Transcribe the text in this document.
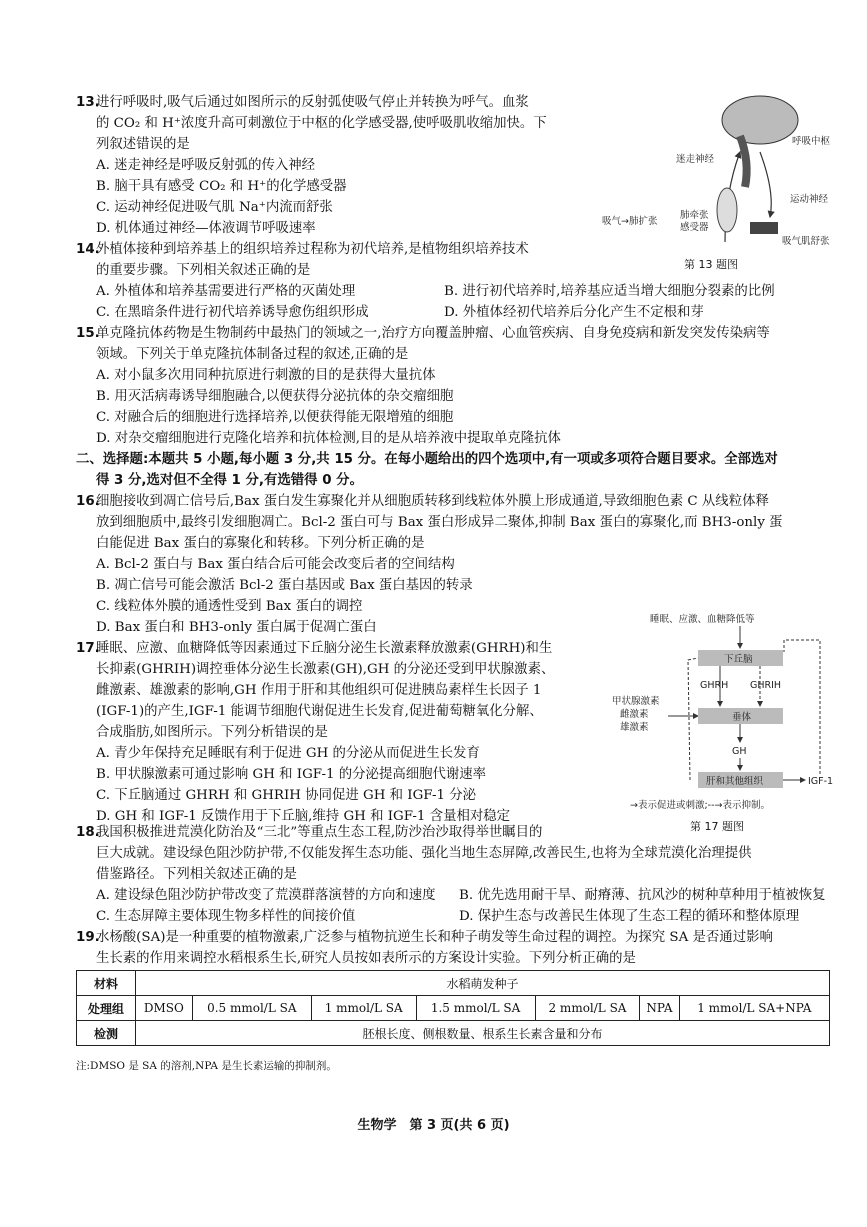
13.
进行呼吸时,吸气后通过如图所示的反射弧使吸气停止并转换为呼气。血浆
的 CO₂ 和 H⁺浓度升高可刺激位于中枢的化学感受器,使呼吸肌收缩加快。下
列叙述错误的是
A. 迷走神经是呼吸反射弧的传入神经
B. 脑干具有感受 CO₂ 和 H⁺的化学感受器
C. 运动神经促进吸气肌 Na⁺内流而舒张
D. 机体通过神经—体液调节呼吸速率
呼吸中枢
迷走神经
运动神经
吸气→肺扩张
肺牵张
感受器
吸气肌舒张
第 13 题图
14.
外植体接种到培养基上的组织培养过程称为初代培养,是植物组织培养技术
的重要步骤。下列相关叙述正确的是
A. 外植体和培养基需要进行严格的灭菌处理	B. 进行初代培养时,培养基应适当增大细胞分裂素的比例
C. 在黑暗条件进行初代培养诱导愈伤组织形成	D. 外植体经初代培养后分化产生不定根和芽
15.
单克隆抗体药物是生物制药中最热门的领域之一,治疗方向覆盖肿瘤、心血管疾病、自身免疫病和新发突发传染病等
领域。下列关于单克隆抗体制备过程的叙述,正确的是
A. 对小鼠多次用同种抗原进行刺激的目的是获得大量抗体
B. 用灭活病毒诱导细胞融合,以便获得分泌抗体的杂交瘤细胞
C. 对融合后的细胞进行选择培养,以便获得能无限增殖的细胞
D. 对杂交瘤细胞进行克隆化培养和抗体检测,目的是从培养液中提取单克隆抗体
二、选择题:本题共 5 小题,每小题 3 分,共 15 分。在每小题给出的四个选项中,有一项或多项符合题目要求。全部选对
得 3 分,选对但不全得 1 分,有选错得 0 分。
16.
细胞接收到凋亡信号后,Bax 蛋白发生寡聚化并从细胞质转移到线粒体外膜上形成通道,导致细胞色素 C 从线粒体释
放到细胞质中,最终引发细胞凋亡。Bcl-2 蛋白可与 Bax 蛋白形成异二聚体,抑制 Bax 蛋白的寡聚化,而 BH3-only 蛋
白能促进 Bax 蛋白的寡聚化和转移。下列分析正确的是
A. Bcl-2 蛋白与 Bax 蛋白结合后可能会改变后者的空间结构
B. 凋亡信号可能会激活 Bcl-2 蛋白基因或 Bax 蛋白基因的转录
C. 线粒体外膜的通透性受到 Bax 蛋白的调控
D. Bax 蛋白和 BH3-only 蛋白属于促凋亡蛋白
17.
睡眠、应激、血糖降低等因素通过下丘脑分泌生长激素释放激素(GHRH)和生
长抑素(GHRIH)调控垂体分泌生长激素(GH),GH 的分泌还受到甲状腺激素、
雌激素、雄激素的影响,GH 作用于肝和其他组织可促进胰岛素样生长因子 1
(IGF-1)的产生,IGF-1 能调节细胞代谢促进生长发育,促进葡萄糖氧化分解、
合成脂肪,如图所示。下列分析错误的是
A. 青少年保持充足睡眠有利于促进 GH 的分泌从而促进生长发育
B. 甲状腺激素可通过影响 GH 和 IGF-1 的分泌提高细胞代谢速率
C. 下丘脑通过 GHRH 和 GHRIH 协同促进 GH 和 IGF-1 分泌
D. GH 和 IGF-1 反馈作用于下丘脑,维持 GH 和 IGF-1 含量相对稳定
睡眠、应激、血糖降低等
下丘脑
GHRH GHRIH
甲状腺激素
雌激素
雄激素
垂体
GH
肝和其他组织	IGF-1
→表示促进或刺激;--→表示抑制。
第 17 题图
18.
我国积极推进荒漠化防治及“三北”等重点生态工程,防沙治沙取得举世瞩目的
巨大成就。建设绿色阻沙防护带,不仅能发挥生态功能、强化当地生态屏障,改善民生,也将为全球荒漠化治理提供
借鉴路径。下列相关叙述正确的是
A. 建设绿色阻沙防护带改变了荒漠群落演替的方向和速度 B. 优先选用耐干旱、耐瘠薄、抗风沙的树种草种用于植被恢复
C. 生态屏障主要体现生物多样性的间接价值	D. 保护生态与改善民生体现了生态工程的循环和整体原理
19.
水杨酸(SA)是一种重要的植物激素,广泛参与植物抗逆生长和种子萌发等生命过程的调控。为探究 SA 是否通过影响
生长素的作用来调控水稻根系生长,研究人员按如表所示的方案设计实验。下列分析正确的是
材料	水稻萌发种子						
处理组	DMSO	0.5 mmol/L SA	1 mmol/L SA	1.5 mmol/L SA	2 mmol/L SA	NPA	1 mmol/L SA+NPA
检测	胚根长度、侧根数量、根系生长素含量和分布						
注:DMSO 是 SA 的溶剂,NPA 是生长素运输的抑制剂。
生物学　第 3 页(共 6 页)
